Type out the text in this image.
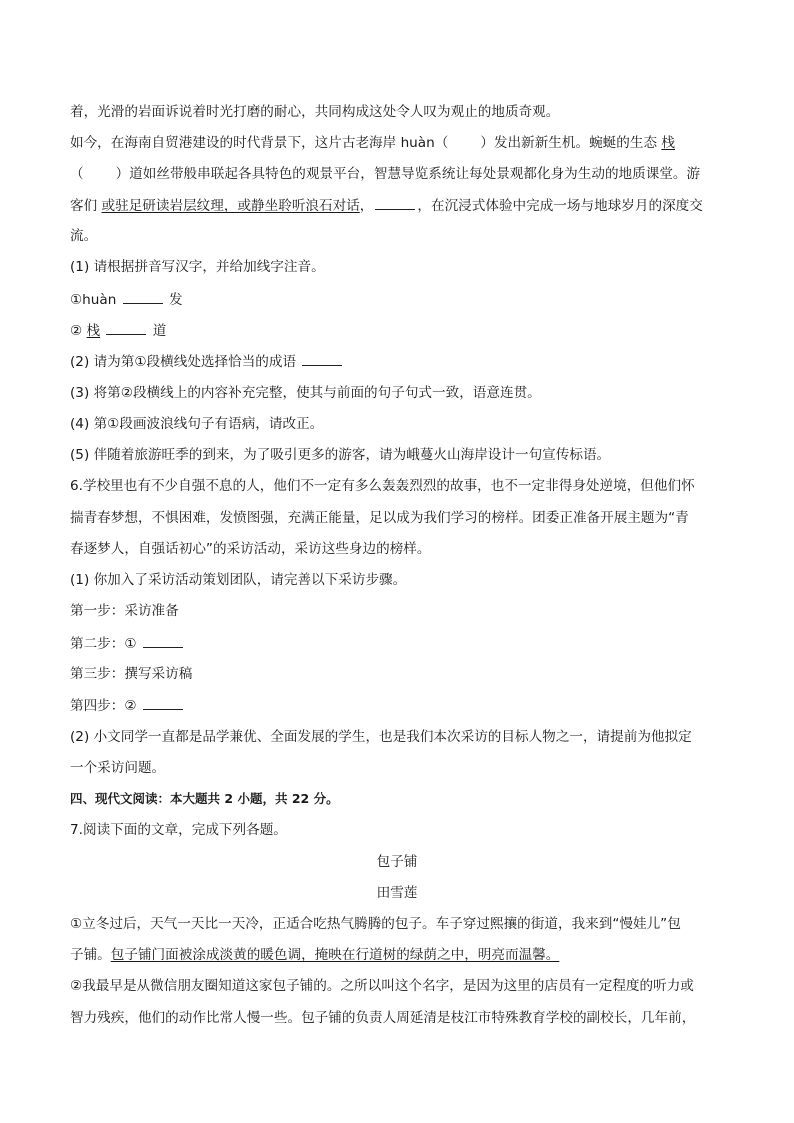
着，光滑的岩面诉说着时光打磨的耐心，共同构成这处令人叹为观止的地质奇观。
如今，在海南自贸港建设的时代背景下，这片古老海岸 huàn（ ）发出新新生机。蜿蜒的生态 栈
（ ）道如丝带般串联起各具特色的观景平台，智慧导览系统让每处景观都化身为生动的地质课堂。游
客们 或驻足研读岩层纹理，或静坐聆听浪石对话，	，在沉浸式体验中完成一场与地球岁月的深度交
流。
(1) 请根据拼音写汉字，并给加线字注音。
①huàn	发
② 栈	道
(2) 请为第①段横线处选择恰当的成语
(3) 将第②段横线上的内容补充完整，使其与前面的句子句式一致，语意连贯。
(4) 第①段画波浪线句子有语病，请改正。
(5) 伴随着旅游旺季的到来，为了吸引更多的游客，请为峨蔓火山海岸设计一句宣传标语。
6.学校里也有不少自强不息的人，他们不一定有多么轰轰烈烈的故事，也不一定非得身处逆境，但他们怀
揣青春梦想，不惧困难，发愤图强，充满正能量，足以成为我们学习的榜样。团委正准备开展主题为“青
春逐梦人，自强话初心”的采访活动，采访这些身边的榜样。
(1) 你加入了采访活动策划团队，请完善以下采访步骤。
第一步：采访准备
第二步：①
第三步：撰写采访稿
第四步：②
(2) 小文同学一直都是品学兼优、全面发展的学生，也是我们本次采访的目标人物之一，请提前为他拟定
一个采访问题。
四、现代文阅读：本大题共 2 小题，共 22 分。
7.阅读下面的文章，完成下列各题。
包子铺
田雪莲
①立冬过后，天气一天比一天冷，正适合吃热气腾腾的包子。车子穿过熙攘的街道，我来到“慢娃儿”包
子铺。包子铺门面被涂成淡黄的暖色调，掩映在行道树的绿荫之中，明亮而温馨。
②我最早是从微信朋友圈知道这家包子铺的。之所以叫这个名字，是因为这里的店员有一定程度的听力或
智力残疾，他们的动作比常人慢一些。包子铺的负责人周延清是枝江市特殊教育学校的副校长，几年前，
